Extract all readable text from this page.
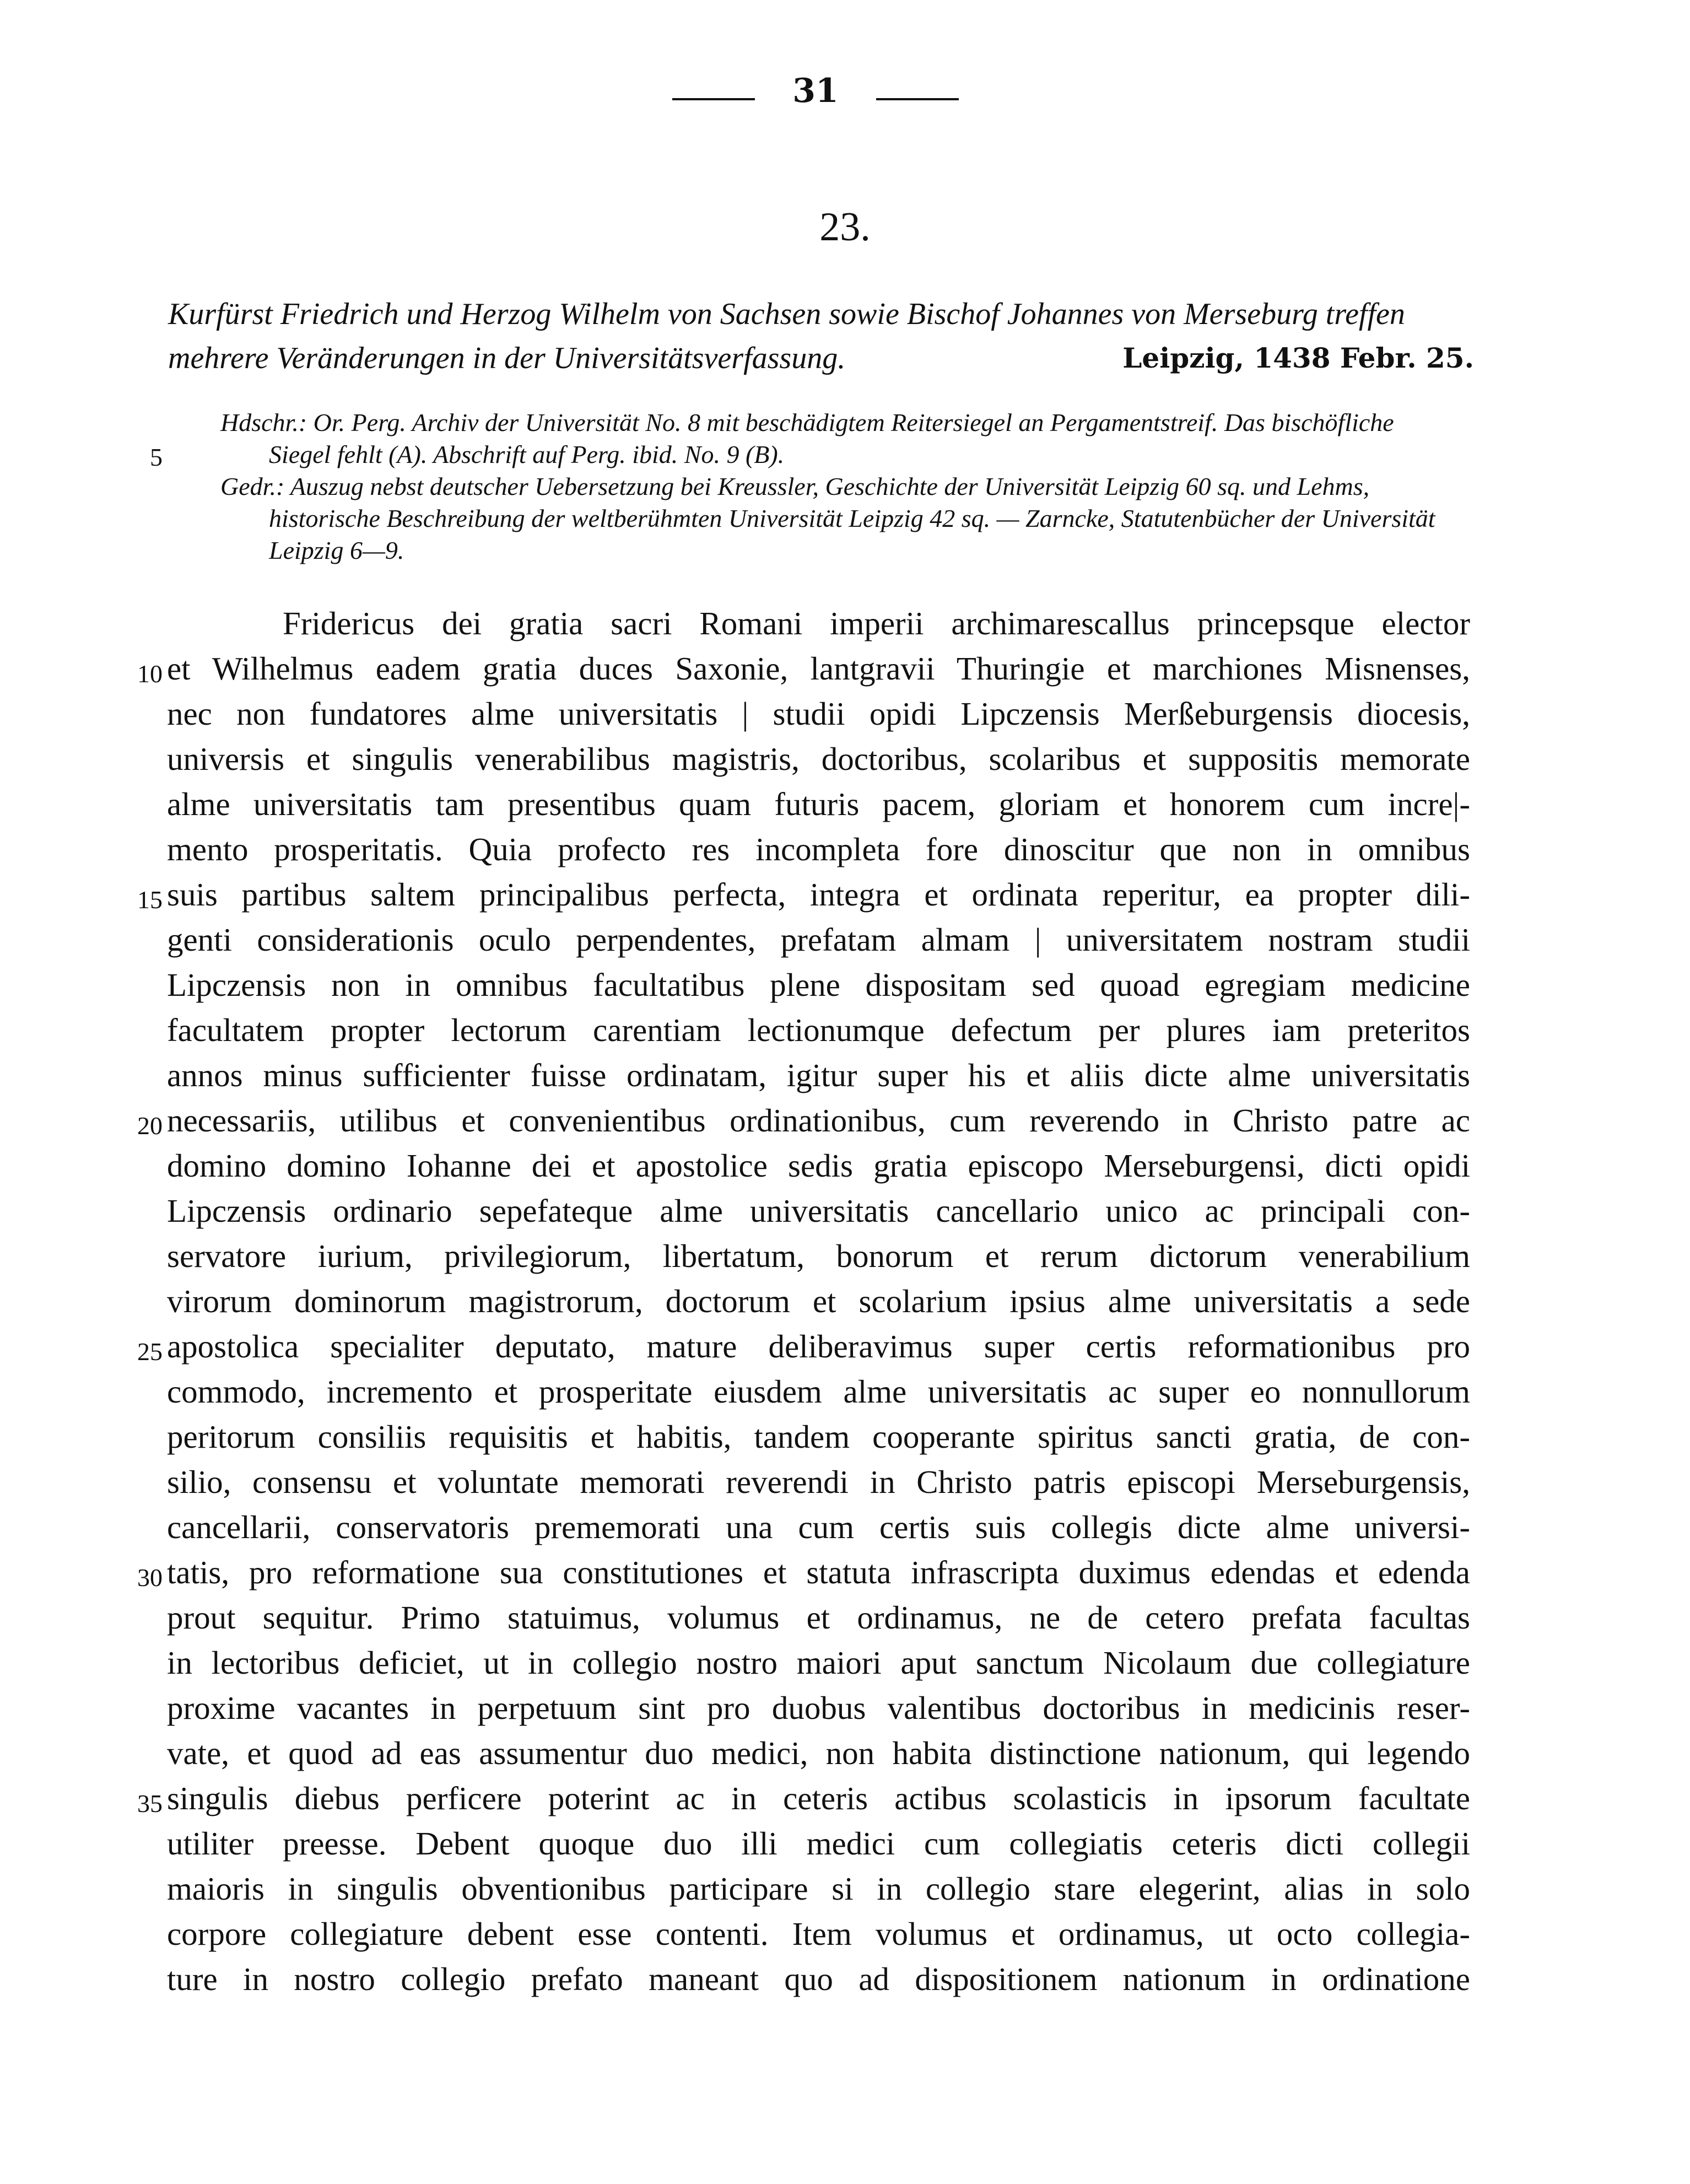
31
23.
Kurfürst Friedrich und Herzog Wilhelm von Sachsen sowie Bischof Johannes von Merseburg treffen
mehrere Veränderungen in der Universitätsverfassung.	Leipzig, 1438 Febr. 25.
Hdschr.: Or. Perg. Archiv der Universität No. 8 mit beschädigtem Reitersiegel an Pergamentstreif. Das bischöfliche
Siegel fehlt (A). Abschrift auf Perg. ibid. No. 9 (B).
Gedr.: Auszug nebst deutscher Uebersetzung bei Kreussler, Geschichte der Universität Leipzig 60 sq. und Lehms,
historische Beschreibung der weltberühmten Universität Leipzig 42 sq. — Zarncke, Statutenbücher der Universität
Leipzig 6—9.
5
10
15
20
25
30
35
Fridericus dei gratia sacri Romani imperii archimarescallus princepsque elector
et Wilhelmus eadem gratia duces Saxonie, lantgravii Thuringie et marchiones Misnenses,
nec non fundatores alme universitatis | studii opidi Lipczensis Merßeburgensis diocesis,
universis et singulis venerabilibus magistris, doctoribus, scolaribus et suppositis memorate
alme universitatis tam presentibus quam futuris pacem, gloriam et honorem cum incre|-
mento prosperitatis. Quia profecto res incompleta fore dinoscitur que non in omnibus
suis partibus saltem principalibus perfecta, integra et ordinata reperitur, ea propter dili-
genti considerationis oculo perpendentes, prefatam almam | universitatem nostram studii
Lipczensis non in omnibus facultatibus plene dispositam sed quoad egregiam medicine
facultatem propter lectorum carentiam lectionumque defectum per plures iam preteritos
annos minus sufficienter fuisse ordinatam, igitur super his et aliis dicte alme universitatis
necessariis, utilibus et convenientibus ordinationibus, cum reverendo in Christo patre ac
domino domino Iohanne dei et apostolice sedis gratia episcopo Merseburgensi, dicti opidi
Lipczensis ordinario sepefateque alme universitatis cancellario unico ac principali con-
servatore iurium, privilegiorum, libertatum, bonorum et rerum dictorum venerabilium
virorum dominorum magistrorum, doctorum et scolarium ipsius alme universitatis a sede
apostolica specialiter deputato, mature deliberavimus super certis reformationibus pro
commodo, incremento et prosperitate eiusdem alme universitatis ac super eo nonnullorum
peritorum consiliis requisitis et habitis, tandem cooperante spiritus sancti gratia, de con-
silio, consensu et voluntate memorati reverendi in Christo patris episcopi Merseburgensis,
cancellarii, conservatoris prememorati una cum certis suis collegis dicte alme universi-
tatis, pro reformatione sua constitutiones et statuta infrascripta duximus edendas et edenda
prout sequitur. Primo statuimus, volumus et ordinamus, ne de cetero prefata facultas
in lectoribus deficiet, ut in collegio nostro maiori aput sanctum Nicolaum due collegiature
proxime vacantes in perpetuum sint pro duobus valentibus doctoribus in medicinis reser-
vate, et quod ad eas assumentur duo medici, non habita distinctione nationum, qui legendo
singulis diebus perficere poterint ac in ceteris actibus scolasticis in ipsorum facultate
utiliter preesse. Debent quoque duo illi medici cum collegiatis ceteris dicti collegii
maioris in singulis obventionibus participare si in collegio stare elegerint, alias in solo
corpore collegiature debent esse contenti. Item volumus et ordinamus, ut octo collegia-
ture in nostro collegio prefato maneant quo ad dispositionem nationum in ordinatione
